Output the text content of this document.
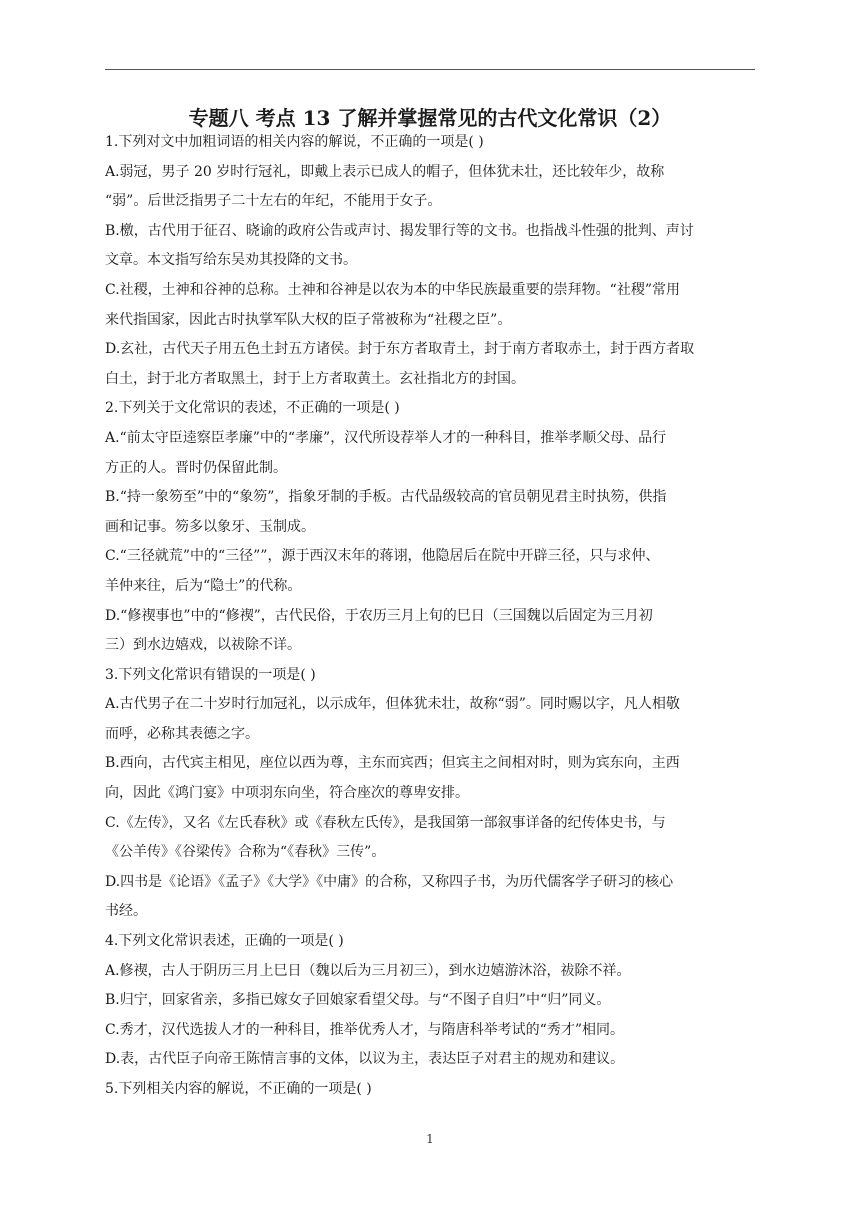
专题八 考点 13 了解并掌握常见的古代文化常识（2）
1.下列对文中加粗词语的相关内容的解说，不正确的一项是( )
A.弱冠，男子 20 岁时行冠礼，即戴上表示已成人的帽子，但体犹未壮，还比较年少，故称
“弱”。后世泛指男子二十左右的年纪，不能用于女子。
B.檄，古代用于征召、晓谕的政府公告或声讨、揭发罪行等的文书。也指战斗性强的批判、声讨
文章。本文指写给东吴劝其投降的文书。
C.社稷，土神和谷神的总称。土神和谷神是以农为本的中华民族最重要的崇拜物。“社稷”常用
来代指国家，因此古时执掌军队大权的臣子常被称为“社稷之臣”。
D.玄社，古代天子用五色土封五方诸侯。封于东方者取青土，封于南方者取赤土，封于西方者取
白土，封于北方者取黑土，封于上方者取黄土。玄社指北方的封国。
2.下列关于文化常识的表述，不正确的一项是( )
A.“前太守臣逵察臣孝廉”中的“孝廉”，汉代所设荐举人才的一种科目，推举孝顺父母、品行
方正的人。晋时仍保留此制。
B.“持一象笏至”中的“象笏”，指象牙制的手板。古代品级较高的官员朝见君主时执笏，供指
画和记事。笏多以象牙、玉制成。
C.“三径就荒”中的“三径””，源于西汉末年的蒋诩，他隐居后在院中开辟三径，只与求仲、
羊仲来往，后为“隐士”的代称。
D.“修禊事也”中的“修禊”，古代民俗，于农历三月上旬的巳日（三国魏以后固定为三月初
三）到水边嬉戏，以祓除不详。
3.下列文化常识有错误的一项是( )
A.古代男子在二十岁时行加冠礼，以示成年，但体犹未壮，故称“弱”。同时赐以字，凡人相敬
而呼，必称其表德之字。
B.西向，古代宾主相见，座位以西为尊，主东而宾西；但宾主之间相对时，则为宾东向，主西
向，因此《鸿门宴》中项羽东向坐，符合座次的尊卑安排。
C.《左传》，又名《左氏春秋》或《春秋左氏传》，是我国第一部叙事详备的纪传体史书，与
《公羊传》《谷梁传》合称为“《春秋》三传”。
D.四书是《论语》《孟子》《大学》《中庸》的合称，又称四子书，为历代儒客学子研习的核心
书经。
4.下列文化常识表述，正确的一项是( )
A.修禊，古人于阴历三月上巳日（魏以后为三月初三），到水边嬉游沐浴，祓除不祥。
B.归宁，回家省亲，多指已嫁女子回娘家看望父母。与“不图子自归”中“归”同义。
C.秀才，汉代选拔人才的一种科目，推举优秀人才，与隋唐科举考试的“秀才”相同。
D.表，古代臣子向帝王陈情言事的文体，以议为主，表达臣子对君主的规劝和建议。
5.下列相关内容的解说，不正确的一项是( )
1
